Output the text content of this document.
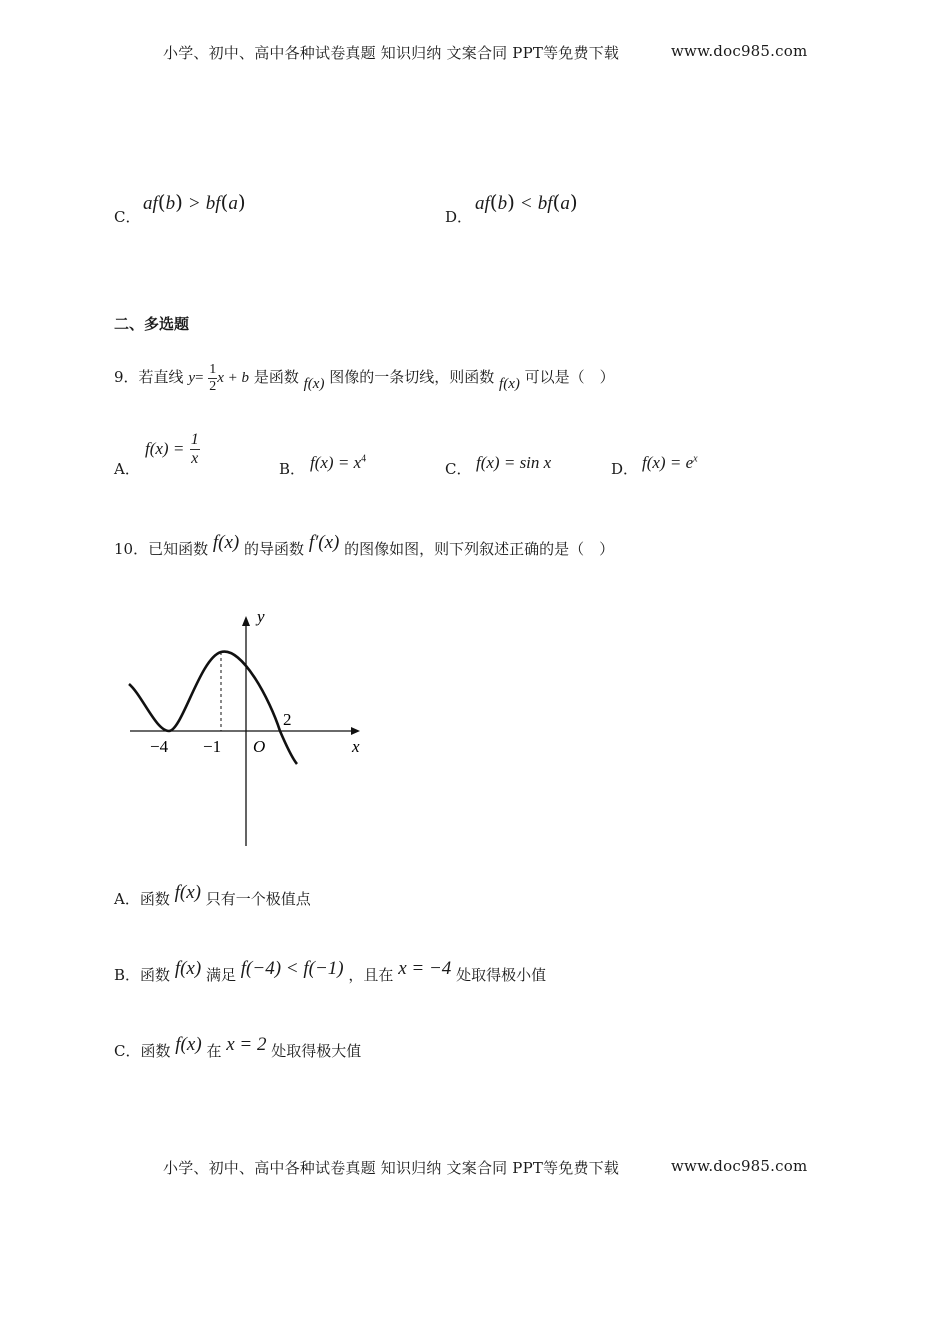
小学、初中、高中各种试卷真题 知识归纳 文案合同 PPT等免费下载	www.doc985.com
C．
af(b) > bf(a)
D．
af(b) < bf(a)
二、多选题
9．若直线 $y= \frac{1}{2}$ x + b 是函数 f(x) 图像的一条切线，则函数 f(x) 可以是（　）
A．
$f(x) = \frac{1}{x}$
B． $f(x) = x^4$
C． f(x) = sin x	D． $f(x) = e^x$
10．已知函数 f(x) 的导函数 f′(x) 的图像如图，则下列叙述正确的是（　）
y
x
O
−4 −1
2
A．函数 f(x) 只有一个极值点
B．函数 f(x) 满足 f(−4) < f(−1) ，且在 x = −4 处取得极小值
C．函数 f(x) 在 x = 2 处取得极大值
小学、初中、高中各种试卷真题 知识归纳 文案合同 PPT等免费下载	www.doc985.com
